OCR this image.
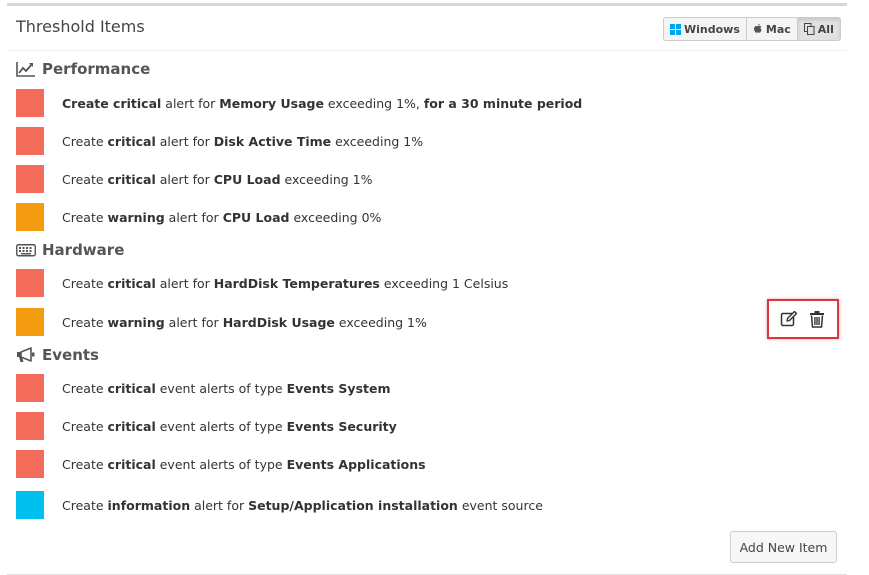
Threshold Items	Windows Mac All
Performance
Create critical alert for Memory Usage exceeding 1%, for a 30 minute period
Create critical alert for Disk Active Time exceeding 1%
Create critical alert for CPU Load exceeding 1%
Create warning alert for CPU Load exceeding 0%
Hardware
Create critical alert for HardDisk Temperatures exceeding 1 Celsius
Create warning alert for HardDisk Usage exceeding 1%
Events
Create critical event alerts of type Events System
Create critical event alerts of type Events Security
Create critical event alerts of type Events Applications
Create information alert for Setup/Application installation event source
Add New Item
